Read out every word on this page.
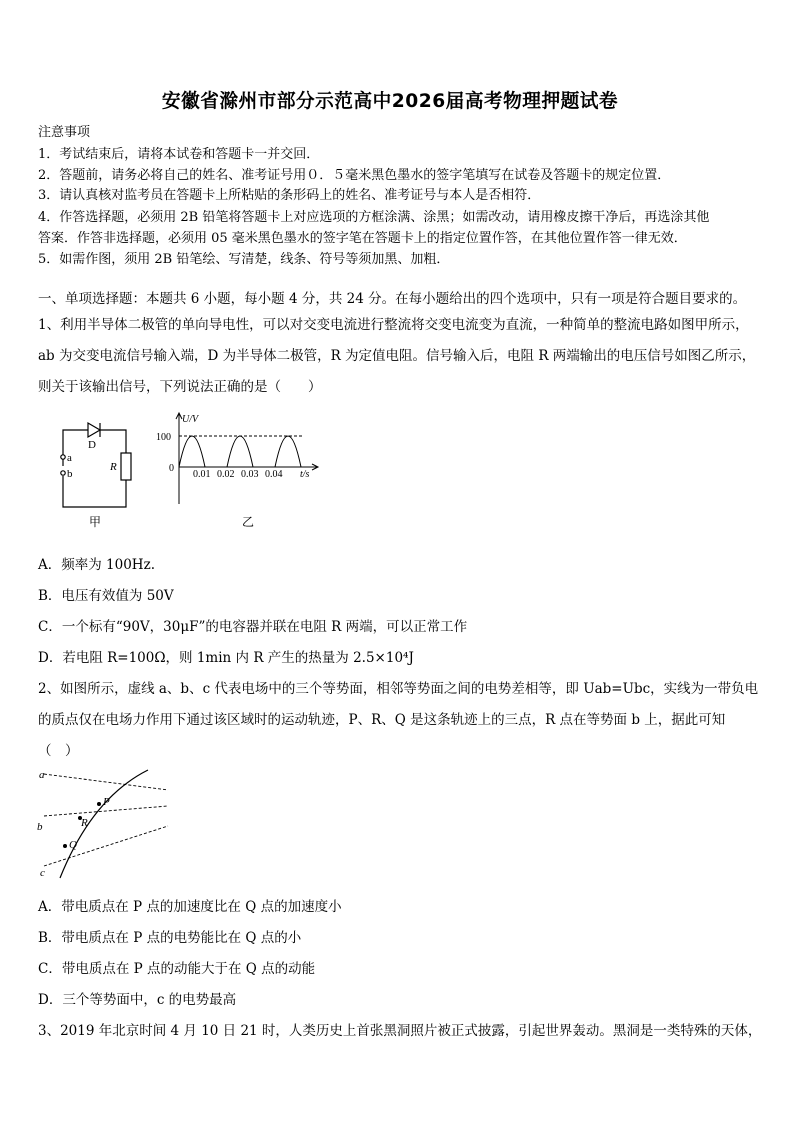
安徽省滁州市部分示范高中2026届高考物理押题试卷
注意事项
1．考试结束后，请将本试卷和答题卡一并交回．
2．答题前，请务必将自己的姓名、准考证号用０．５毫米黑色墨水的签字笔填写在试卷及答题卡的规定位置．
3．请认真核对监考员在答题卡上所粘贴的条形码上的姓名、准考证号与本人是否相符．
4．作答选择题，必须用 2B 铅笔将答题卡上对应选项的方框涂满、涂黑；如需改动，请用橡皮擦干净后，再选涂其他
答案．作答非选择题，必须用 05 毫米黑色墨水的签字笔在答题卡上的指定位置作答，在其他位置作答一律无效．
5．如需作图，须用 2B 铅笔绘、写清楚，线条、符号等须加黑、加粗．
一、单项选择题：本题共 6 小题，每小题 4 分，共 24 分。在每小题给出的四个选项中，只有一项是符合题目要求的。
1、利用半导体二极管的单向导电性，可以对交变电流进行整流将交变电流变为直流，一种简单的整流电路如图甲所示，
ab 为交变电流信号输入端，D 为半导体二极管，R 为定值电阻。信号输入后，电阻 R 两端输出的电压信号如图乙所示，
则关于该输出信号，下列说法正确的是（　　）
D
a
b
R
甲
U/V
100
0
0.01 0.02 0.03 0.04 t/s
乙
A．频率为 100Hz.
B．电压有效值为 50V
C．一个标有“90V，30μF”的电容器并联在电阻 R 两端，可以正常工作
D．若电阻 R=100Ω，则 1min 内 R 产生的热量为 2.5×10⁴J
2、如图所示，虚线 a、b、c 代表电场中的三个等势面，相邻等势面之间的电势差相等，即 Uab=Ubc，实线为一带负电
的质点仅在电场力作用下通过该区域时的运动轨迹，P、R、Q 是这条轨迹上的三点，R 点在等势面 b 上，据此可知
（　）
a
b
c
P
R
Q
A．带电质点在 P 点的加速度比在 Q 点的加速度小
B．带电质点在 P 点的电势能比在 Q 点的小
C．带电质点在 P 点的动能大于在 Q 点的动能
D．三个等势面中，c 的电势最高
3、2019 年北京时间 4 月 10 日 21 时，人类历史上首张黑洞照片被正式披露，引起世界轰动。黑洞是一类特殊的天体，
